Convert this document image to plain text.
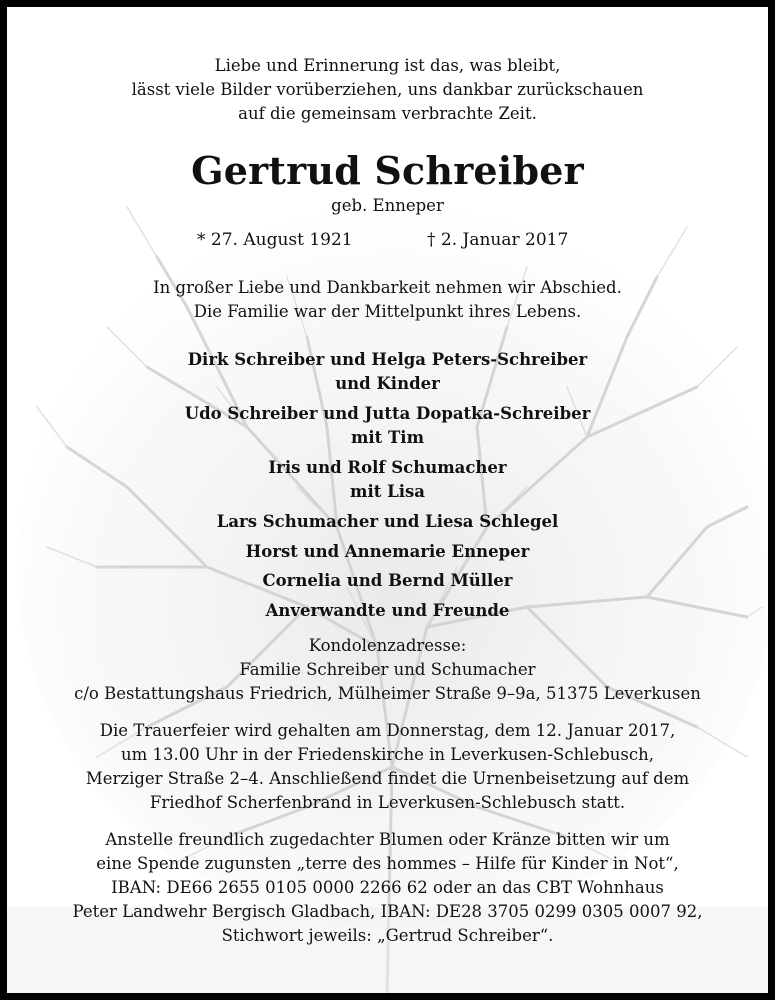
Liebe und Erinnerung ist das, was bleibt,
lässt viele Bilder vorüberziehen, uns dankbar zurückschauen
auf die gemeinsam verbrachte Zeit.
Gertrud Schreiber
geb. Enneper
* 27. August 1921	† 2. Januar 2017
In großer Liebe und Dankbarkeit nehmen wir Abschied.
Die Familie war der Mittelpunkt ihres Lebens.
Dirk Schreiber und Helga Peters-Schreiber
und Kinder
Udo Schreiber und Jutta Dopatka-Schreiber
mit Tim
Iris und Rolf Schumacher
mit Lisa
Lars Schumacher und Liesa Schlegel
Horst und Annemarie Enneper
Cornelia und Bernd Müller
Anverwandte und Freunde
Kondolenzadresse:
Familie Schreiber und Schumacher
c/o Bestattungshaus Friedrich, Mülheimer Straße 9–9a, 51375 Leverkusen
Die Trauerfeier wird gehalten am Donnerstag, dem 12. Januar 2017,
um 13.00 Uhr in der Friedenskirche in Leverkusen-Schlebusch,
Merziger Straße 2–4. Anschließend findet die Urnenbeisetzung auf dem
Friedhof Scherfenbrand in Leverkusen-Schlebusch statt.
Anstelle freundlich zugedachter Blumen oder Kränze bitten wir um
eine Spende zugunsten „terre des hommes – Hilfe für Kinder in Not“,
IBAN: DE66 2655 0105 0000 2266 62 oder an das CBT Wohnhaus
Peter Landwehr Bergisch Gladbach, IBAN: DE28 3705 0299 0305 0007 92,
Stichwort jeweils: „Gertrud Schreiber“.
